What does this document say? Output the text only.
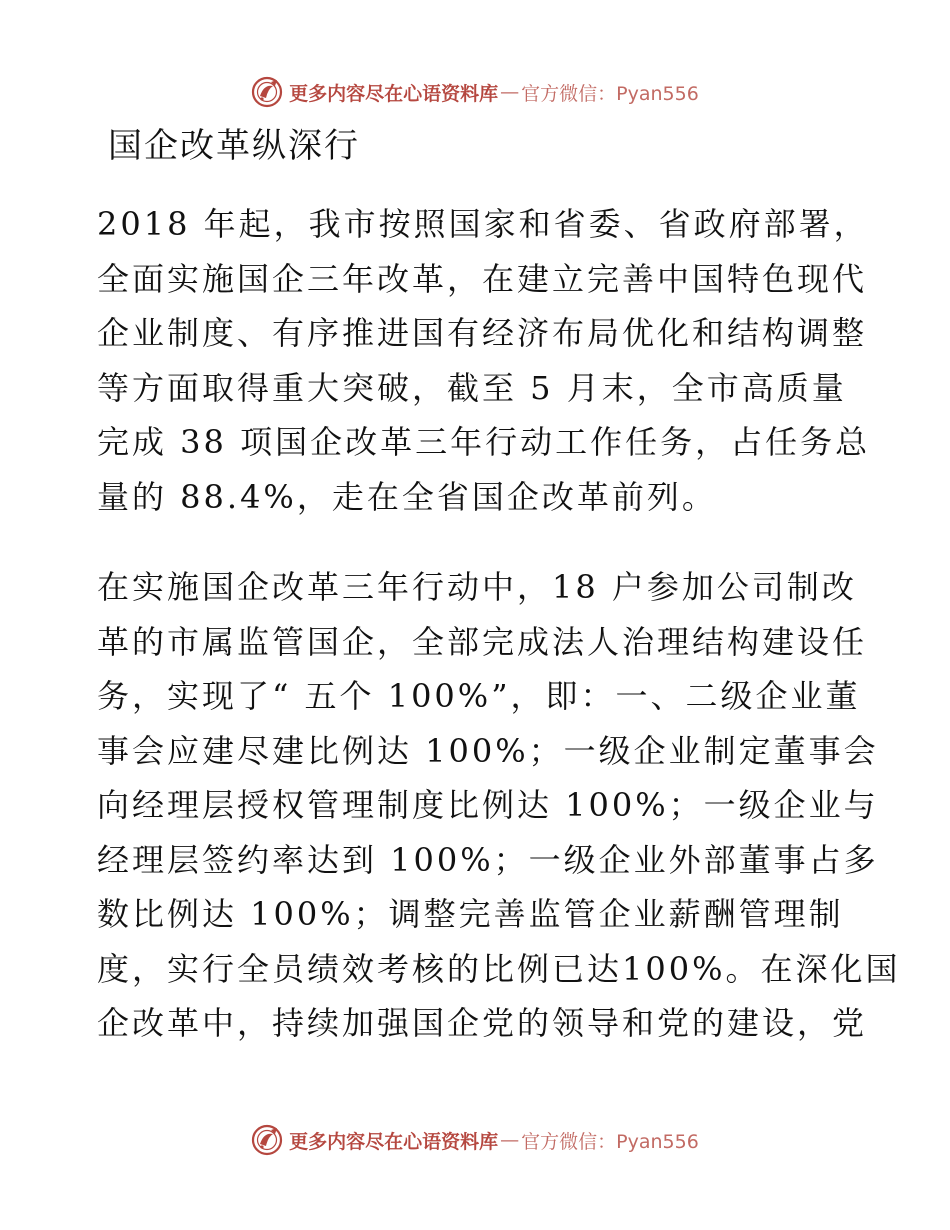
更多内容尽在心语资料库 — 官方微信：Pyan556
国企改革纵深行
2018 年起，我市按照国家和省委、省政府部署，
全面实施国企三年改革，在建立完善中国特色现代
企业制度、有序推进国有经济布局优化和结构调整
等方面取得重大突破，截至 5 月末，全市高质量
完成 38 项国企改革三年行动工作任务，占任务总
量的 88.4%，走在全省国企改革前列。
在实施国企改革三年行动中，18 户参加公司制改
革的市属监管国企，全部完成法人治理结构建设任
务，实现了“ 五个 100%”，即：一、二级企业董
事会应建尽建比例达 100%；一级企业制定董事会
向经理层授权管理制度比例达 100%；一级企业与
经理层签约率达到 100%；一级企业外部董事占多
数比例达 100%；调整完善监管企业薪酬管理制
度，实行全员绩效考核的比例已达100%。在深化国
企改革中，持续加强国企党的领导和党的建设，党
更多内容尽在心语资料库 — 官方微信：Pyan556
